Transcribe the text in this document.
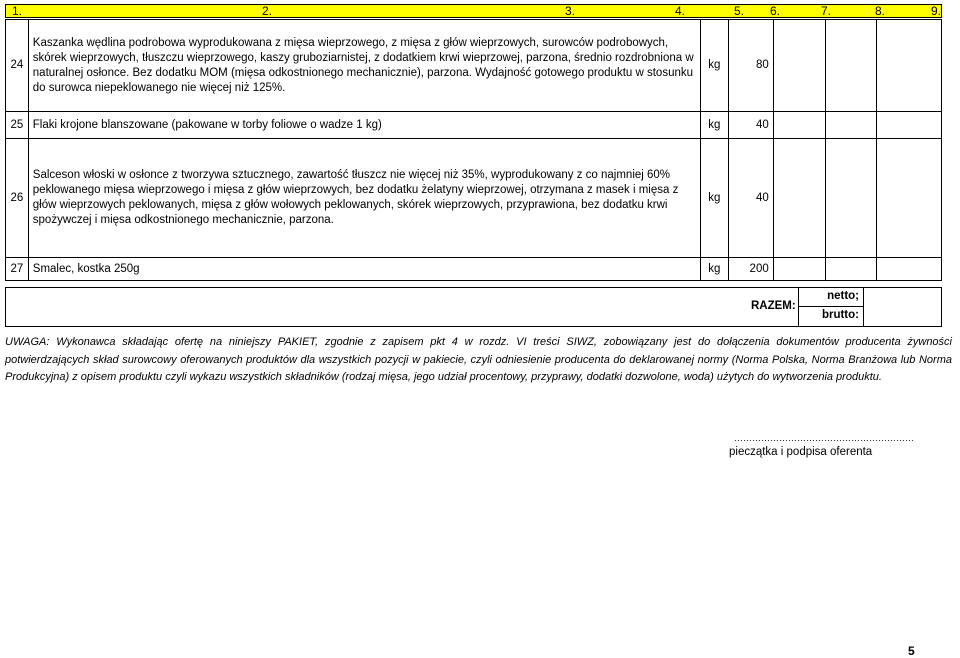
1.	2.	3.	4.	5. 6.	7.	8.	9.
24	Kaszanka wędlina podrobowa wyprodukowana z mięsa wieprzowego, z mięsa z głów wieprzowych, surowców podrobowych, skórek wieprzowych, tłuszczu wieprzowego, kaszy gruboziarnistej, z dodatkiem krwi wieprzowej, parzona, średnio rozdrobniona w naturalnej osłonce. Bez dodatku MOM (mięsa odkostnionego mechanicznie), parzona. Wydajność gotowego produktu w stosunku do surowca niepeklowanego nie więcej niż 125%.	kg	80			
25	Flaki krojone blanszowane (pakowane w torby foliowe o wadze 1 kg)	kg	40			
26	Salceson włoski w osłonce z tworzywa sztucznego, zawartość tłuszcz nie więcej niż 35%, wyprodukowany z co najmniej 60% peklowanego mięsa wieprzowego i mięsa z głów wieprzowych, bez dodatku żelatyny wieprzowej, otrzymana z masek i mięsa z głów wieprzowych peklowanych, mięsa z głów wołowych peklowanych, skórek wieprzowych, przyprawiona, bez dodatku krwi spożywczej i mięsa odkostnionego mechanicznie, parzona.	kg	40			
27	Smalec, kostka 250g	kg	200			
RAZEM:
netto;
brutto:
UWAGA: Wykonawca składając ofertę na niniejszy PAKIET, zgodnie z zapisem pkt 4 w rozdz. VI treści SIWZ, zobowiązany jest do dołączenia dokumentów producenta żywności potwierdzających skład surowcowy oferowanych produktów dla wszystkich pozycji w pakiecie, czyli odniesienie producenta do deklarowanej normy (Norma Polska, Norma Branżowa lub Norma Produkcyjna) z opisem produktu czyli wykazu wszystkich składników (rodzaj mięsa, jego udział procentowy, przyprawy, dodatki dozwolone, woda) użytych do wytworzenia produktu.
……………………………………………………
pieczątka i podpisa oferenta
5
